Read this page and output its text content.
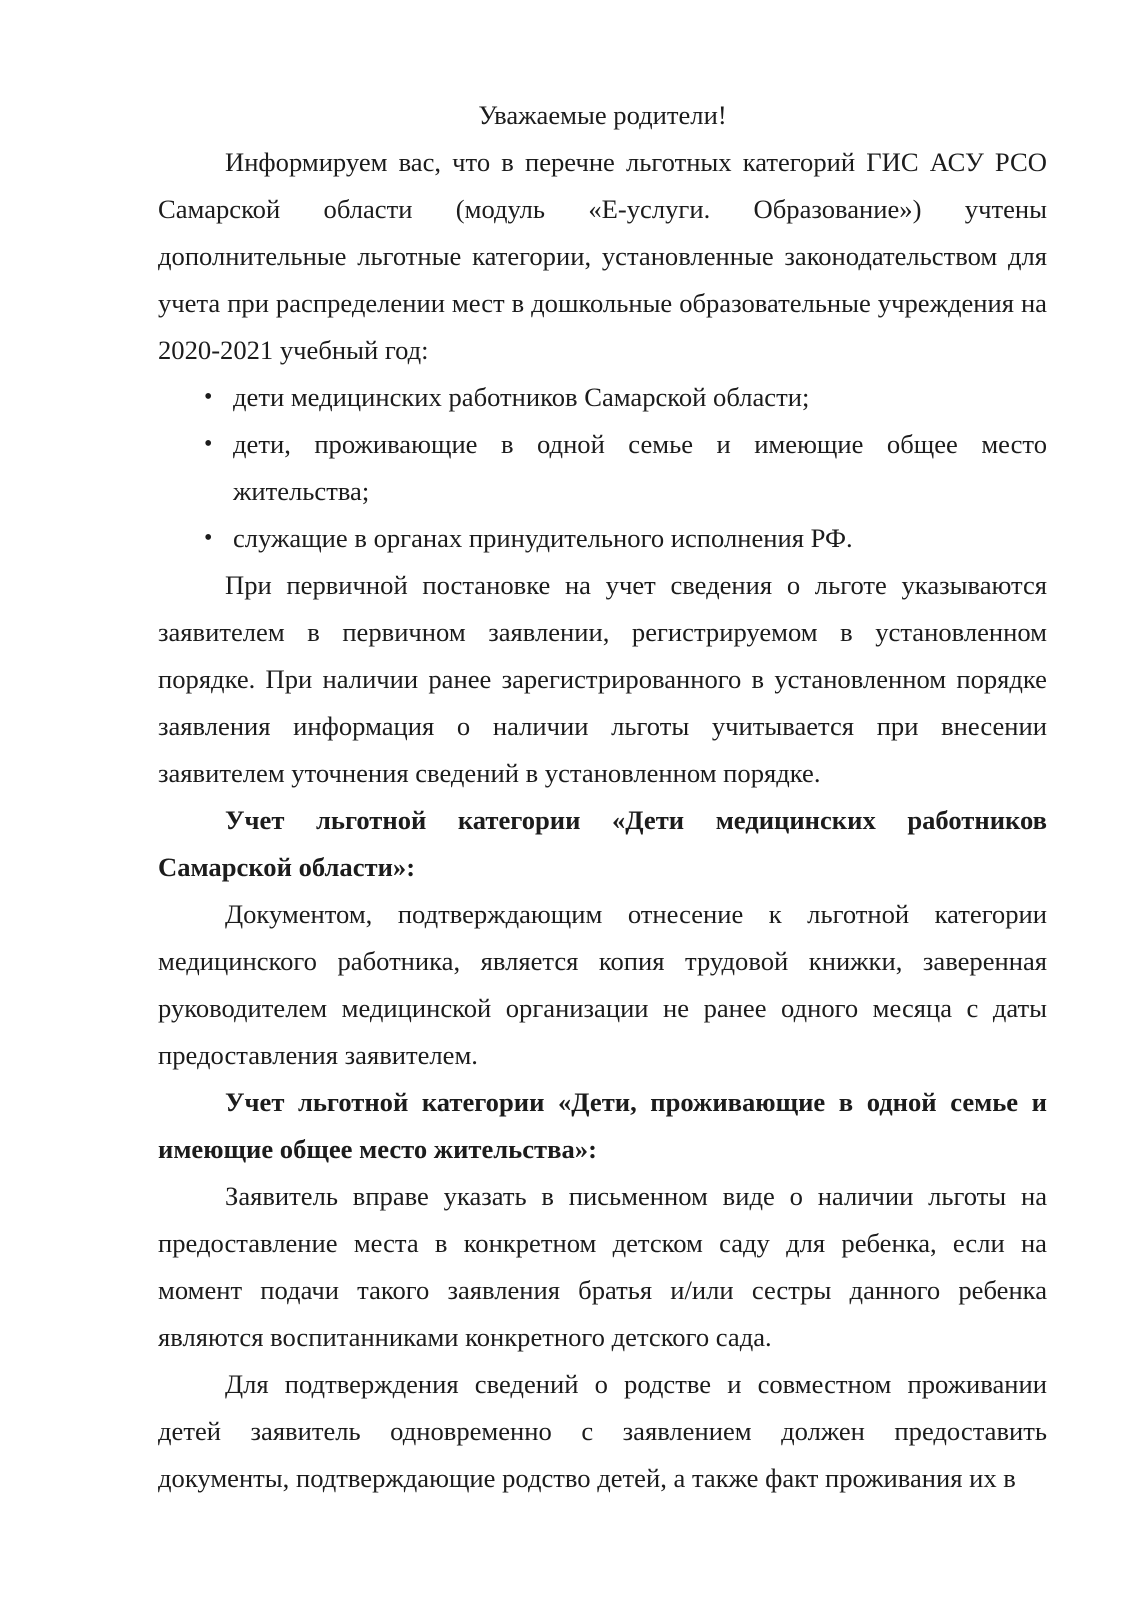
Уважаемые родители!

Информируем вас, что в перечне льготных категорий ГИС АСУ РСО Самарской области (модуль «Е-услуги. Образование») учтены дополнительные льготные категории, установленные законодательством для учета при распределении мест в дошкольные образовательные учреждения на 2020-2021 учебный год:

• дети медицинских работников Самарской области;
• дети, проживающие в одной семье и имеющие общее место жительства;
• служащие в органах принудительного исполнения РФ.

При первичной постановке на учет сведения о льготе указываются заявителем в первичном заявлении, регистрируемом в установленном порядке. При наличии ранее зарегистрированного в установленном порядке заявления информация о наличии льготы учитывается при внесении заявителем уточнения сведений в установленном порядке.

Учет льготной категории «Дети медицинских работников Самарской области»:

Документом, подтверждающим отнесение к льготной категории медицинского работника, является копия трудовой книжки, заверенная руководителем медицинской организации не ранее одного месяца с даты предоставления заявителем.

Учет льготной категории «Дети, проживающие в одной семье и имеющие общее место жительства»:

Заявитель вправе указать в письменном виде о наличии льготы на предоставление места в конкретном детском саду для ребенка, если на момент подачи такого заявления братья и/или сестры данного ребенка являются воспитанниками конкретного детского сада.

Для подтверждения сведений о родстве и совместном проживании детей заявитель одновременно с заявлением должен предоставить документы, подтверждающие родство детей, а также факт проживания их в
